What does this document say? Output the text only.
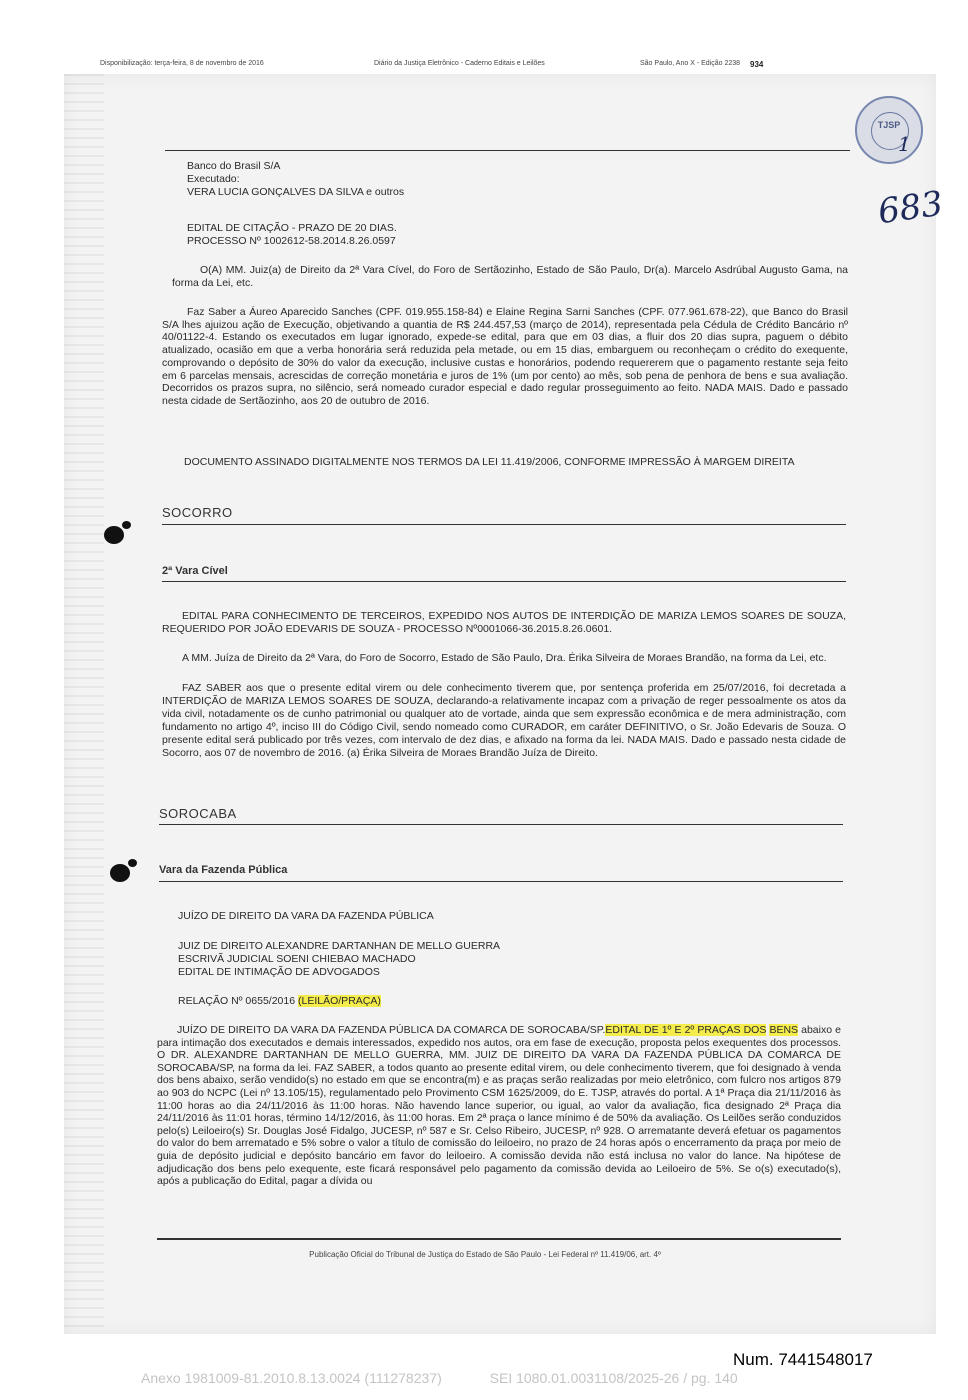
Disponibilização: terça-feira, 8 de novembro de 2016	Diário da Justiça Eletrônico - Caderno Editais e Leilões	São Paulo, Ano X - Edição 2238 934
TJSP
1
683
Banco do Brasil S/A
Executado:
VERA LUCIA GONÇALVES DA SILVA e outros
EDITAL DE CITAÇÃO - PRAZO DE 20 DIAS.
PROCESSO Nº 1002612-58.2014.8.26.0597
O(A) MM. Juiz(a) de Direito da 2ª Vara Cível, do Foro de Sertãozinho, Estado de São Paulo, Dr(a). Marcelo Asdrúbal Augusto Gama, na forma da Lei, etc.
Faz Saber a Áureo Aparecido Sanches (CPF. 019.955.158-84) e Elaine Regina Sarni Sanches (CPF. 077.961.678-22), que Banco do Brasil S/A lhes ajuizou ação de Execução, objetivando a quantia de R$ 244.457,53 (março de 2014), representada pela Cédula de Crédito Bancário nº 40/01122-4. Estando os executados em lugar ignorado, expede-se edital, para que em 03 dias, a fluir dos 20 dias supra, paguem o débito atualizado, ocasião em que a verba honorária será reduzida pela metade, ou em 15 dias, embarguem ou reconheçam o crédito do exequente, comprovando o depósito de 30% do valor da execução, inclusive custas e honorários, podendo requererem que o pagamento restante seja feito em 6 parcelas mensais, acrescidas de correção monetária e juros de 1% (um por cento) ao mês, sob pena de penhora de bens e sua avaliação. Decorridos os prazos supra, no silêncio, será nomeado curador especial e dado regular prosseguimento ao feito. NADA MAIS. Dado e passado nesta cidade de Sertãozinho, aos 20 de outubro de 2016.
DOCUMENTO ASSINADO DIGITALMENTE NOS TERMOS DA LEI 11.419/2006, CONFORME IMPRESSÃO À MARGEM DIREITA
SOCORRO
2ª Vara Cível
EDITAL PARA CONHECIMENTO DE TERCEIROS, EXPEDIDO NOS AUTOS DE INTERDIÇÃO DE MARIZA LEMOS SOARES DE SOUZA, REQUERIDO POR JOÃO EDEVARIS DE SOUZA - PROCESSO Nº0001066-36.2015.8.26.0601.
A MM. Juíza de Direito da 2ª Vara, do Foro de Socorro, Estado de São Paulo, Dra. Érika Silveira de Moraes Brandão, na forma da Lei, etc.
FAZ SABER aos que o presente edital virem ou dele conhecimento tiverem que, por sentença proferida em 25/07/2016, foi decretada a INTERDIÇÃO de MARIZA LEMOS SOARES DE SOUZA, declarando-a relativamente incapaz com a privação de reger pessoalmente os atos da vida civil, notadamente os de cunho patrimonial ou qualquer ato de vortade, ainda que sem expressão econômica e de mera administração, com fundamento no artigo 4º, inciso III do Código Civil, sendo nomeado como CURADOR, em caráter DEFINITIVO, o Sr. João Edevaris de Souza. O presente edital será publicado por três vezes, com intervalo de dez dias, e afixado na forma da lei. NADA MAIS. Dado e passado nesta cidade de Socorro, aos 07 de novembro de 2016. (a) Érika Silveira de Moraes Brandão Juíza de Direito.
SOROCABA
Vara da Fazenda Pública
JUÍZO DE DIREITO DA VARA DA FAZENDA PÚBLICA
JUIZ DE DIREITO ALEXANDRE DARTANHAN DE MELLO GUERRA
ESCRIVÃ JUDICIAL SOENI CHIEBAO MACHADO
EDITAL DE INTIMAÇÃO DE ADVOGADOS
RELAÇÃO Nº 0655/2016 (LEILÃO/PRAÇA)
JUÍZO DE DIREITO DA VARA DA FAZENDA PÚBLICA DA COMARCA DE SOROCABA/SP.EDITAL DE 1º E 2º PRAÇAS DOS BENS abaixo e para intimação dos executados e demais interessados, expedido nos autos, ora em fase de execução, proposta pelos exequentes dos processos. O DR. ALEXANDRE DARTANHAN DE MELLO GUERRA, MM. JUIZ DE DIREITO DA VARA DA FAZENDA PÚBLICA DA COMARCA DE SOROCABA/SP, na forma da lei. FAZ SABER, a todos quanto ao presente edital virem, ou dele conhecimento tiverem, que foi designado à venda dos bens abaixo, serão vendido(s) no estado em que se encontra(m) e as praças serão realizadas por meio eletrônico, com fulcro nos artigos 879 ao 903 do NCPC (Lei nº 13.105/15), regulamentado pelo Provimento CSM 1625/2009, do E. TJSP, através do portal. A 1ª Praça dia 21/11/2016 às 11:00 horas ao dia 24/11/2016 às 11:00 horas. Não havendo lance superior, ou igual, ao valor da avaliação, fica designado 2ª Praça dia 24/11/2016 às 11:01 horas, término 14/12/2016, às 11:00 horas. Em 2ª praça o lance mínimo é de 50% da avaliação. Os Leilões serão conduzidos pelo(s) Leiloeiro(s) Sr. Douglas José Fidalgo, JUCESP, nº 587 e Sr. Celso Ribeiro, JUCESP, nº 928. O arrematante deverá efetuar os pagamentos do valor do bem arrematado e 5% sobre o valor a título de comissão do leiloeiro, no prazo de 24 horas após o encerramento da praça por meio de guia de depósito judicial e depósito bancário em favor do leiloeiro. A comissão devida não está inclusa no valor do lance. Na hipótese de adjudicação dos bens pelo exequente, este ficará responsável pelo pagamento da comissão devida ao Leiloeiro de 5%. Se o(s) executado(s), após a publicação do Edital, pagar a dívida ou
Publicação Oficial do Tribunal de Justiça do Estado de São Paulo - Lei Federal nº 11.419/06, art. 4º
Num. 7441548017
Anexo 1981009-81.2010.8.13.0024 (111278237)	SEI 1080.01.0031108/2025-26 / pg. 140
